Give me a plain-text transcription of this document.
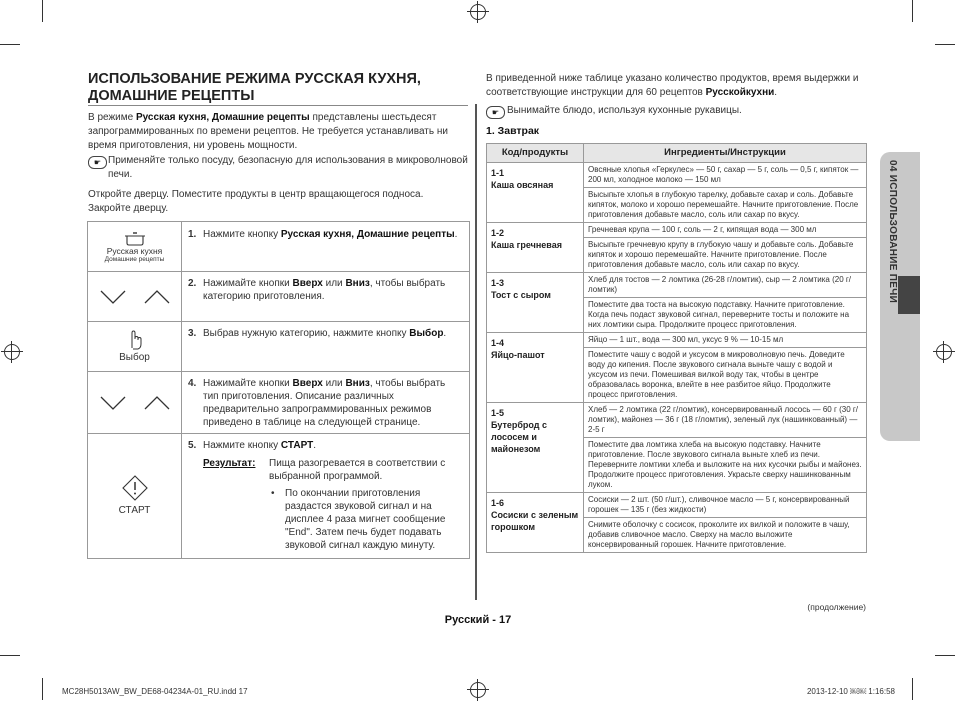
ИСПОЛЬЗОВАНИЕ РЕЖИМА РУССКАЯ КУХНЯ, ДОМАШНИЕ РЕЦЕПТЫ
В режиме Русская кухня, Домашние рецепты представлены шестьдесят запрограммированных по времени рецептов. Не требуется устанавливать ни время приготовления, ни уровень мощности.
☛ Применяйте только посуду, безопасную для использования в микроволновой печи.
Откройте дверцу. Поместите продукты в центр вращающегося подноса. Закройте дверцу.
Русская кухня
Домашние рецепты
1. Нажмите кнопку Русская кухня, Домашние рецепты.
2. Нажимайте кнопки Вверх или Вниз, чтобы выбрать категорию приготовления.
Выбор
3. Выбрав нужную категорию, нажмите кнопку Выбор.
4. Нажимайте кнопки Вверх или Вниз, чтобы выбрать тип приготовления. Описание различных предварительно запрограммированных режимов приведено в таблице на следующей странице.
СТАРТ
5. Нажмите кнопку СТАРТ.
Результат: Пища разогревается в соответствии с выбранной программой.
• По окончании приготовления раздастся звуковой сигнал и на дисплее 4 раза мигнет сообщение "End". Затем печь будет подавать звуковой сигнал каждую минуту.
В приведенной ниже таблице указано количество продуктов, время выдержки и соответствующие инструкции для 60 рецептов Русскойкухни.
☛ Вынимайте блюдо, используя кухонные рукавицы.
1. Завтрак
Код/продукты	Ингредиенты/Инструкции
1-1
Каша овсяная	Овсяные хлопья «Геркулес» — 50 г, сахар — 5 г, соль — 0,5 г, кипяток — 200 мл, холодное молоко — 150 мл
	Высыпьте хлопья в глубокую тарелку, добавьте сахар и соль. Добавьте кипяток, молоко и хорошо перемешайте. Начните приготовление. После приготовления добавьте масло, соль или сахар по вкусу.
1-2
Каша гречневая	Гречневая крупа — 100 г, соль — 2 г, кипящая вода — 300 мл
	Высыпьте гречневую крупу в глубокую чашу и добавьте соль. Добавьте кипяток и хорошо перемешайте. Начните приготовление. После приготовления добавьте масло, соль или сахар по вкусу.
1-3
Тост с сыром	Хлеб для тостов — 2 ломтика (26-28 г/ломтик), сыр — 2 ломтика (20 г/ломтик)
	Поместите два тоста на высокую подставку. Начните приготовление. Когда печь подаст звуковой сигнал, переверните тосты и положите на них ломтики сыра. Продолжите процесс приготовления.
1-4
Яйцо-пашот	Яйцо — 1 шт., вода — 300 мл, уксус 9 % — 10-15 мл
	Поместите чашу с водой и уксусом в микроволновую печь. Доведите воду до кипения. После звукового сигнала выньте чашу с водой и уксусом из печи. Помешивая вилкой воду так, чтобы в центре образовалась воронка, влейте в нее разбитое яйцо. Продолжите процесс приготовления.
1-5
Бутерброд с лососем и майонезом	Хлеб — 2 ломтика (22 г/ломтик), консервированный лосось — 60 г (30 г/ломтик), майонез — 36 г (18 г/ломтик), зеленый лук (нашинкованный) — 2-5 г
	Поместите два ломтика хлеба на высокую подставку. Начните приготовление. После звукового сигнала выньте хлеб из печи. Переверните ломтики хлеба и выложите на них кусочки рыбы и майонез. Продолжите процесс приготовления. Украсьте сверху нашинкованным луком.
1-6
Сосиски с зеленым горошком	Сосиски — 2 шт. (50 г/шт.), сливочное масло — 5 г, консервированный горошек — 135 г (без жидкости)
	Снимите оболочку с сосисок, проколите их вилкой и положите в чашу, добавив сливочное масло. Сверху на масло выложите консервированный горошек. Начните приготовление.
(продолжение)
04 ИСПОЛЬЗОВАНИЕ ПЕЧИ
Русский - 17
MC28H5013AW_BW_DE68-04234A-01_RU.indd 17	2013-12-10 ￼￼ 1:16:58
